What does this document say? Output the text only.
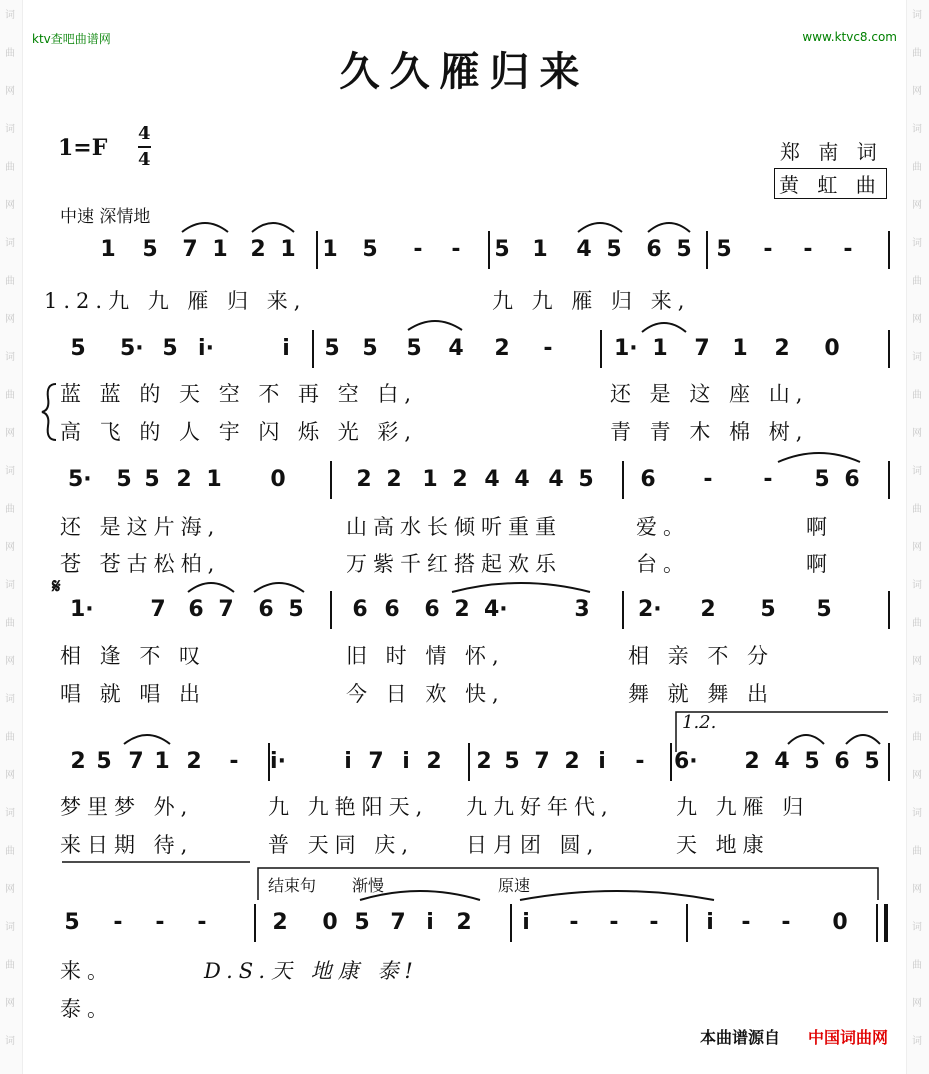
词
曲
网
词
曲
网
词
曲
网
词
曲
网
词
曲
网
词
曲
网
词
曲
网
词
曲
网
词
曲
网
词
词
曲
网
词
曲
网
词
曲
网
词
曲
网
词
曲
网
词
曲
网
词
曲
网
词
曲
网
词
曲
网
词
ktv查吧曲谱网	www.ktvc8.com
久久雁归来
1=F
4
4	郑 南 词
黄 虹 曲
中速 深情地
1.2.九 九 雁 归 来,	九 九 雁 归 来,
1 5 7 1 2 1 1 5 - - 5 1 4 5 6 5 5 - - -
蓝 蓝 的 天 空 不 再 空 白,	还 是 这 座 山,
高 飞 的 人 宇 闪 烁 光 彩,	青 青 木 棉 树,
5 5· 5 i·	i 5 5 5 4 2 -	1· 1 7 1 2 0
还 是这片海,	山高水长倾听重重	爱。	啊
苍 苍古松柏,	万紫千红搭起欢乐	台。	啊
5· 5 5 2 1 0	2 2 1 2 4 4 4 5 6 - - 5 6
𝄋
相 逢 不 叹	旧 时 情 怀,	相 亲 不 分
唱 就 唱 出	今 日 欢 快,	舞 就 舞 出
1·	7 6 7 6 5 6 6 6 2 4·	3 2· 2 5 5
1.2.
梦里梦 外,	九 九艳阳天, 九九好年代,	九 九雁 归
来日期 待,	普 天同 庆, 日月团 圆,	天 地康
2 5 7 1 2 - i·	i 7 i 2 2 5 7 2 i - 6· 2 4 5 6 5
结束句 渐慢	原速
来。	D.S.天 地康 泰!
泰。
5 - - -	2 0 5 7 i 2 i - - - i - - 0
本曲谱源自 中国词曲网
